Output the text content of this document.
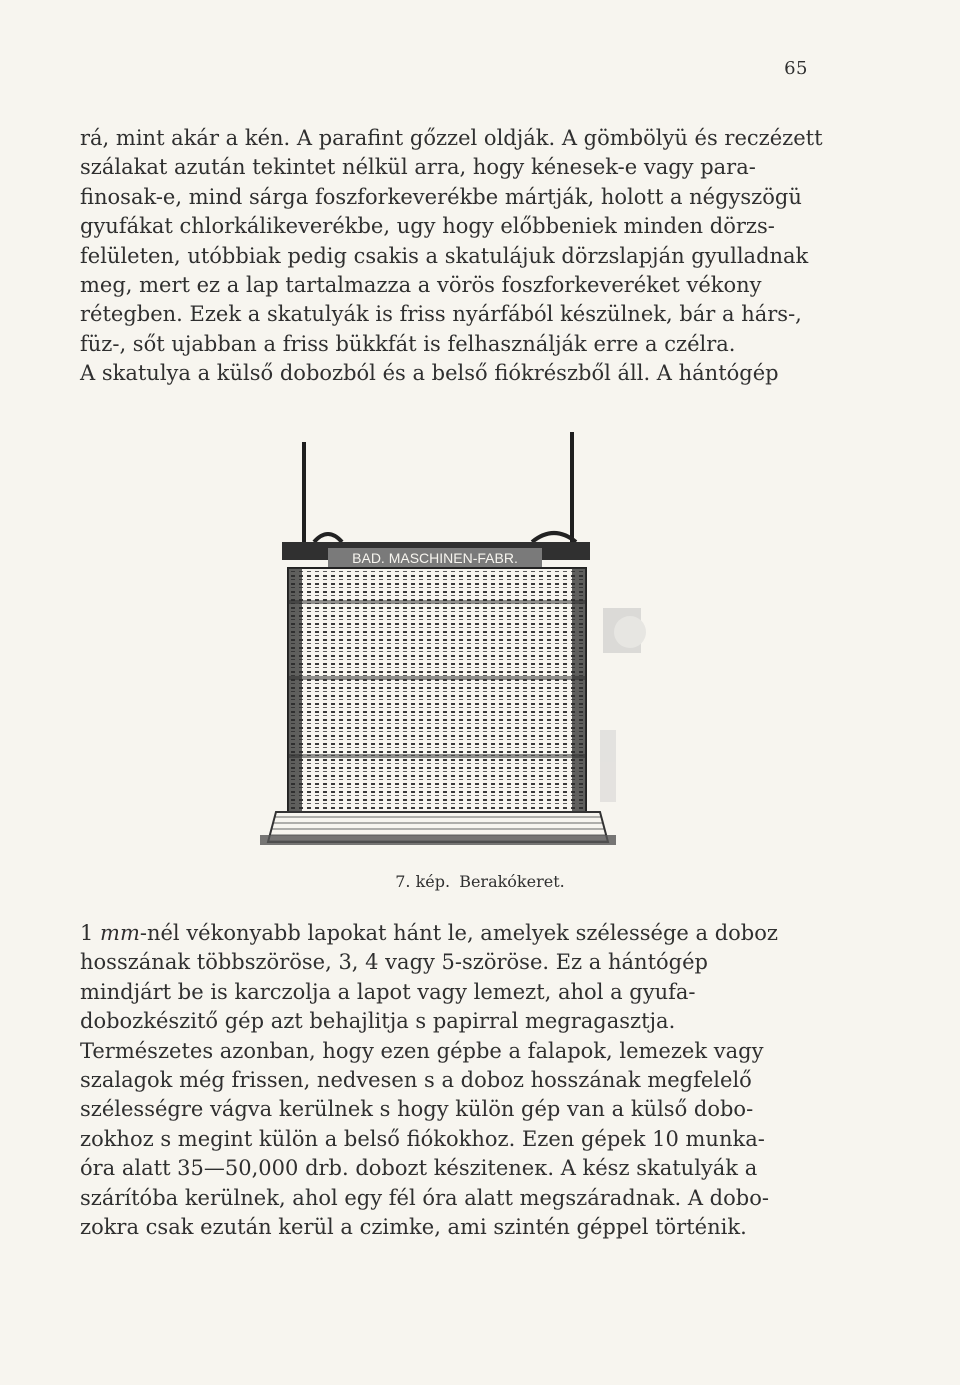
65
rá, mint akár a kén. A parafint gőzzel oldják. A gömbölyü és reczézett
szálakat azután tekintet nélkül arra, hogy kénesek-e vagy para-
finosak-e, mind sárga foszforkeverékbe mártják, holott a négyszögü
gyufákat chlorkálikeverékbe, ugy hogy előbbeniek minden dörzs-
felületen, utóbbiak pedig csakis a skatulájuk dörzslapján gyulladnak
meg, mert ez a lap tartalmazza a vörös foszforkeveréket vékony
rétegben. Ezek a skatulyák is friss nyárfából készülnek, bár a hárs-,
füz-, sőt ujabban a friss bükkfát is felhasználják erre a czélra.
A skatulya a külső dobozból és a belső fiókrészből áll. A hántógép
BAD. MASCHINEN-FABR.
7. kép. Berakókeret.
1 mm-nél vékonyabb lapokat hánt le, amelyek szélessége a doboz
hosszának többszöröse, 3, 4 vagy 5-szöröse. Ez a hántógép
mindjárt be is karczolja a lapot vagy lemezt, ahol a gyufa-
dobozkészitő gép azt behajlitja s papirral megragasztja.
Természetes azonban, hogy ezen gépbe a falapok, lemezek vagy
szalagok még frissen, nedvesen s a doboz hosszának megfelelő
szélességre vágva kerülnek s hogy külön gép van a külső dobo-
zokhoz s megint külön a belső fiókokhoz. Ezen gépek 10 munka-
óra alatt 35—50,000 drb. dobozt késziteneк. A kész skatulyák a
szárítóba kerülnek, ahol egy fél óra alatt megszáradnak. A dobo-
zokra csak ezután kerül a czimke, ami szintén géppel történik.
